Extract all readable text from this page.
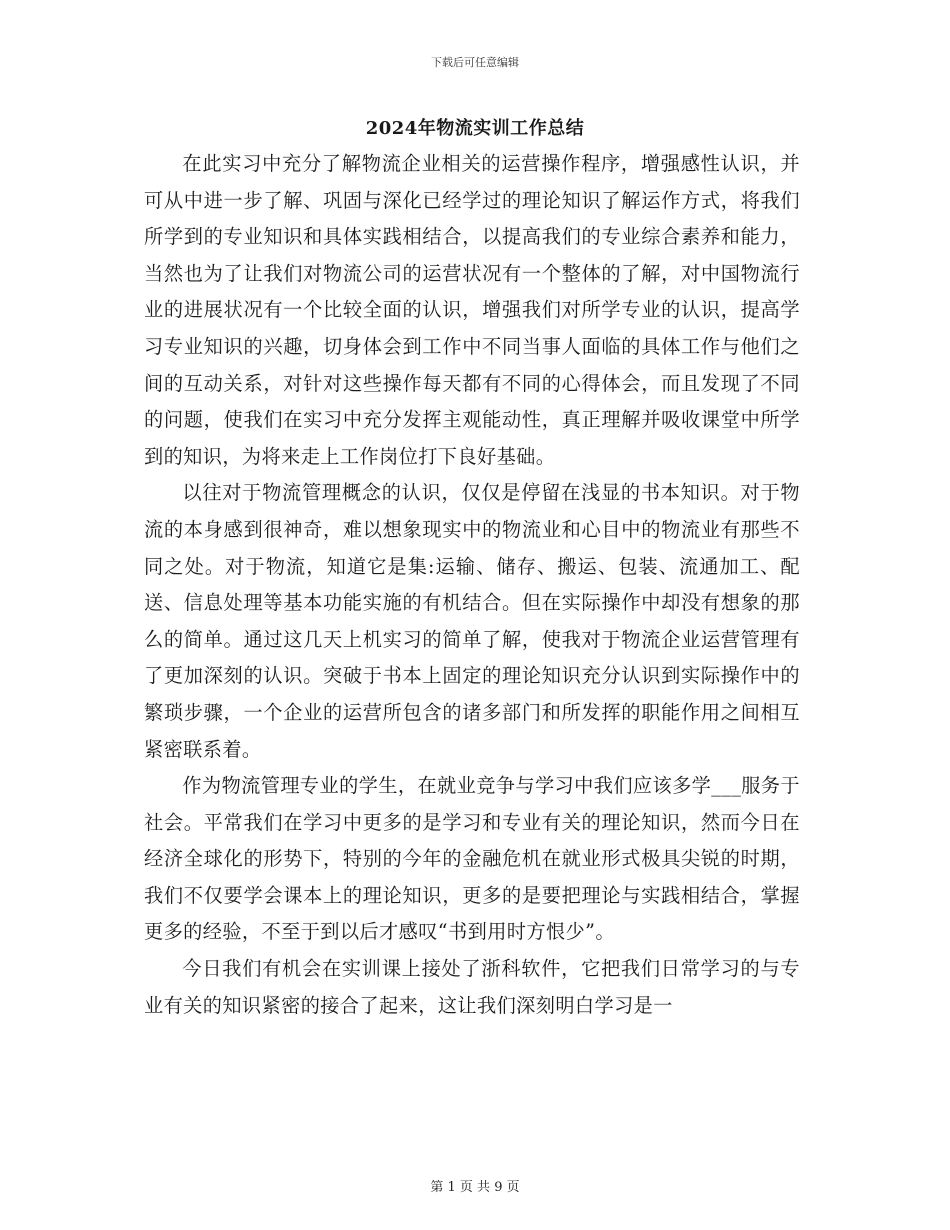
下载后可任意编辑
2024年物流实训工作总结

在此实习中充分了解物流企业相关的运营操作程序，增强感性认识，并可从中进一步了解、巩固与深化已经学过的理论知识了解运作方式，将我们所学到的专业知识和具体实践相结合，以提高我们的专业综合素养和能力，当然也为了让我们对物流公司的运营状况有一个整体的了解，对中国物流行业的进展状况有一个比较全面的认识，增强我们对所学专业的认识，提高学习专业知识的兴趣，切身体会到工作中不同当事人面临的具体工作与他们之间的互动关系，对针对这些操作每天都有不同的心得体会，而且发现了不同的问题，使我们在实习中充分发挥主观能动性，真正理解并吸收课堂中所学到的知识，为将来走上工作岗位打下良好基础。

以往对于物流管理概念的认识，仅仅是停留在浅显的书本知识。对于物流的本身感到很神奇，难以想象现实中的物流业和心目中的物流业有那些不同之处。对于物流，知道它是集:运输、储存、搬运、包装、流通加工、配送、信息处理等基本功能实施的有机结合。但在实际操作中却没有想象的那么的简单。通过这几天上机实习的简单了解，使我对于物流企业运营管理有了更加深刻的认识。突破于书本上固定的理论知识充分认识到实际操作中的繁琐步骤，一个企业的运营所包含的诸多部门和所发挥的职能作用之间相互紧密联系着。

作为物流管理专业的学生，在就业竞争与学习中我们应该多学___服务于社会。平常我们在学习中更多的是学习和专业有关的理论知识，然而今日在经济全球化的形势下，特别的今年的金融危机在就业形式极具尖锐的时期，我们不仅要学会课本上的理论知识，更多的是要把理论与实践相结合，掌握更多的经验，不至于到以后才感叹“书到用时方恨少”。

今日我们有机会在实训课上接处了浙科软件，它把我们日常学习的与专业有关的知识紧密的接合了起来，这让我们深刻明白学习是一

第 1 页 共 9 页
